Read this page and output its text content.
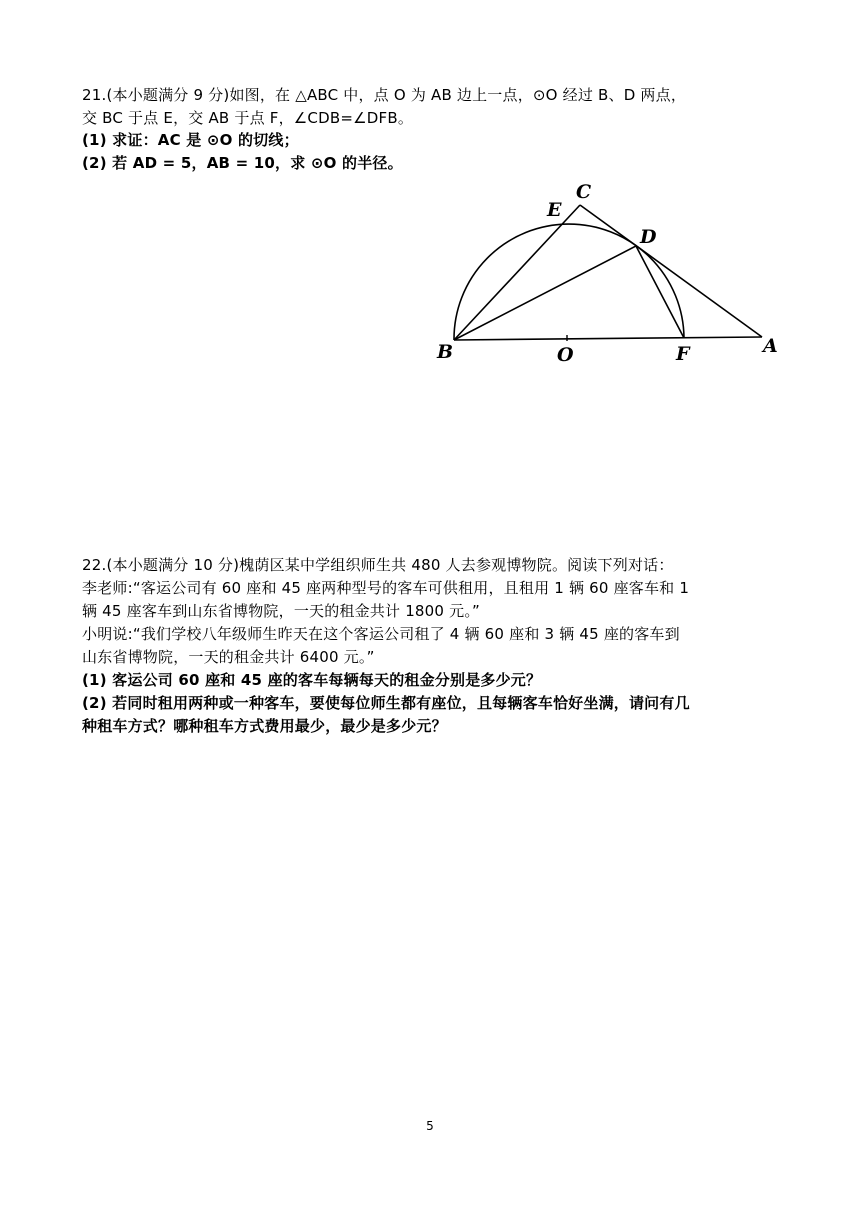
21.(本小题满分 9 分)如图，在 △ABC 中，点 O 为 AB 边上一点，⊙O 经过 B、D 两点，
交 BC 于点 E，交 AB 于点 F，∠CDB=∠DFB。
(1) 求证：AC 是 ⊙O 的切线；
(2) 若 AD = 5，AB = 10，求 ⊙O 的半径。
B	O	F	A
C
D
E
22.(本小题满分 10 分)槐荫区某中学组织师生共 480 人去参观博物院。阅读下列对话：
李老师:“客运公司有 60 座和 45 座两种型号的客车可供租用，且租用 1 辆 60 座客车和 1
辆 45 座客车到山东省博物院，一天的租金共计 1800 元。”
小明说:“我们学校八年级师生昨天在这个客运公司租了 4 辆 60 座和 3 辆 45 座的客车到
山东省博物院，一天的租金共计 6400 元。”
(1) 客运公司 60 座和 45 座的客车每辆每天的租金分别是多少元？
(2) 若同时租用两种或一种客车，要使每位师生都有座位，且每辆客车恰好坐满，请问有几
种租车方式？哪种租车方式费用最少，最少是多少元？
5
